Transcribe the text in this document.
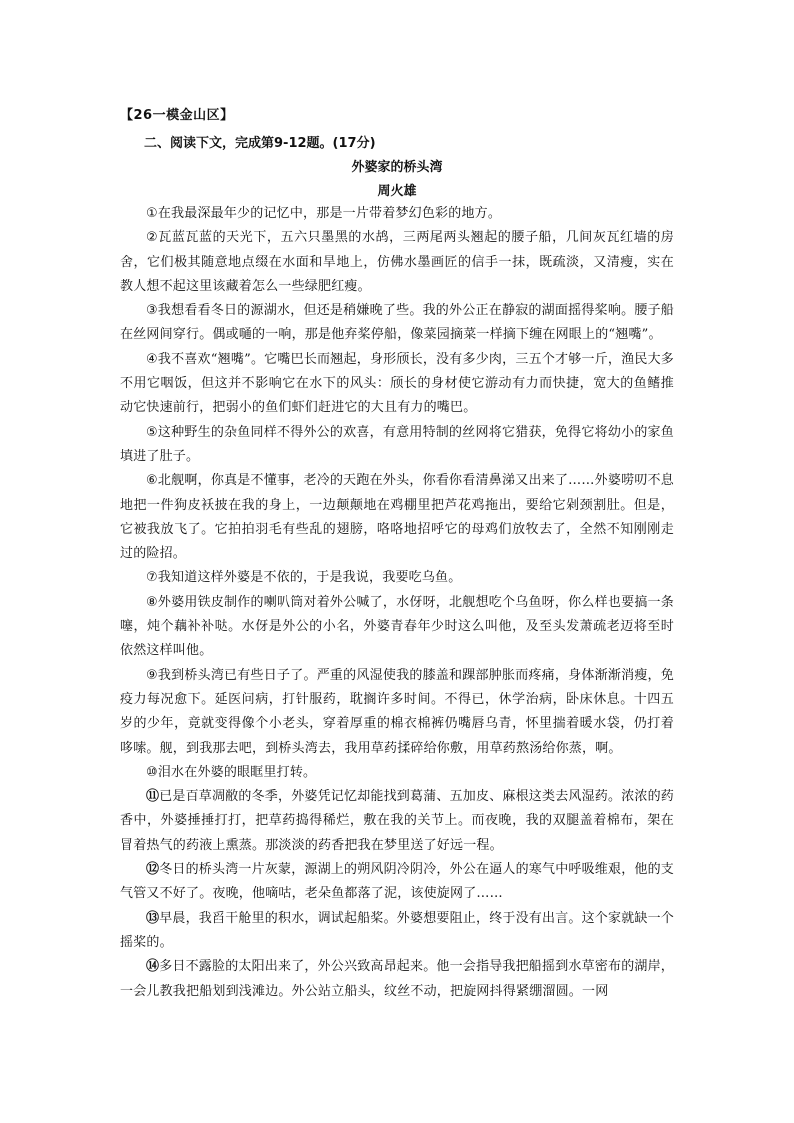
【26一模金山区】
二、阅读下文，完成第9-12题。(17分)
外婆家的桥头湾
周火雄

①在我最深最年少的记忆中，那是一片带着梦幻色彩的地方。

②瓦蓝瓦蓝的天光下，五六只墨黑的水鸪，三两尾两头翘起的腰子船，几间灰瓦红墙的房舍，它们极其随意地点缀在水面和旱地上，仿佛水墨画匠的信手一抹，既疏淡，又清瘦，实在教人想不起这里该藏着怎么一些绿肥红瘦。

③我想看看冬日的源湖水，但还是稍嫌晚了些。我的外公正在静寂的湖面摇得桨响。腰子船在丝网间穿行。偶或嗵的一响，那是他弃桨停船，像菜园摘菜一样摘下缠在网眼上的“翘嘴”。

④我不喜欢“翘嘴”。它嘴巴长而翘起，身形颀长，没有多少肉，三五个才够一斤，渔民大多不用它咽饭，但这并不影响它在水下的风头：颀长的身材使它游动有力而快捷，宽大的鱼鳍推动它快速前行，把弱小的鱼们虾们赶进它的大且有力的嘴巴。

⑤这种野生的杂鱼同样不得外公的欢喜，有意用特制的丝网将它猎获，免得它将幼小的家鱼填进了肚子。

⑥北舰啊，你真是不懂事，老冷的天跑在外头，你看你看清鼻涕又出来了……外婆唠叨不息地把一件狗皮袄披在我的身上，一边颠颠地在鸡棚里把芦花鸡拖出，要给它剁颈割肚。但是，它被我放飞了。它拍拍羽毛有些乱的翅膀，咯咯地招呼它的母鸡们放牧去了，全然不知刚刚走过的险招。

⑦我知道这样外婆是不依的，于是我说，我要吃乌鱼。

⑧外婆用铁皮制作的喇叭筒对着外公喊了，水伢呀，北舰想吃个乌鱼呀，你么样也要搞一条噻，炖个藕补补哒。水伢是外公的小名，外婆青春年少时这么叫他，及至头发萧疏老迈将至时依然这样叫他。

⑨我到桥头湾已有些日子了。严重的风湿使我的膝盖和踝部肿胀而疼痛，身体渐渐消瘦，免疫力每况愈下。延医问病，打针服药，耽搁许多时间。不得已，休学治病，卧床休息。十四五岁的少年，竟就变得像个小老头，穿着厚重的棉衣棉裤仍嘴唇乌青，怀里揣着暖水袋，仍打着哆嗦。舰，到我那去吧，到桥头湾去，我用草药揉碎给你敷，用草药熬汤给你蒸，啊。

⑩泪水在外婆的眼眶里打转。

⑪已是百草凋敝的冬季，外婆凭记忆却能找到葛蒲、五加皮、麻根这类去风湿药。浓浓的药香中，外婆捶捶打打，把草药捣得稀烂，敷在我的关节上。而夜晚，我的双腿盖着棉布，架在冒着热气的药液上熏蒸。那淡淡的药香把我在梦里送了好远一程。

⑫冬日的桥头湾一片灰蒙，源湖上的朔风阴冷阴冷，外公在逼人的寒气中呼吸维艰，他的支气管又不好了。夜晚，他嘀咕，老朵鱼都落了泥，该使旋网了……

⑬早晨，我舀干舱里的积水，调试起船桨。外婆想要阻止，终于没有出言。这个家就缺一个摇桨的。

⑭多日不露脸的太阳出来了，外公兴致高昂起来。他一会指导我把船摇到水草密布的湖岸，一会儿教我把船划到浅滩边。外公站立船头，纹丝不动，把旋网抖得紧绷溜圆。一网
